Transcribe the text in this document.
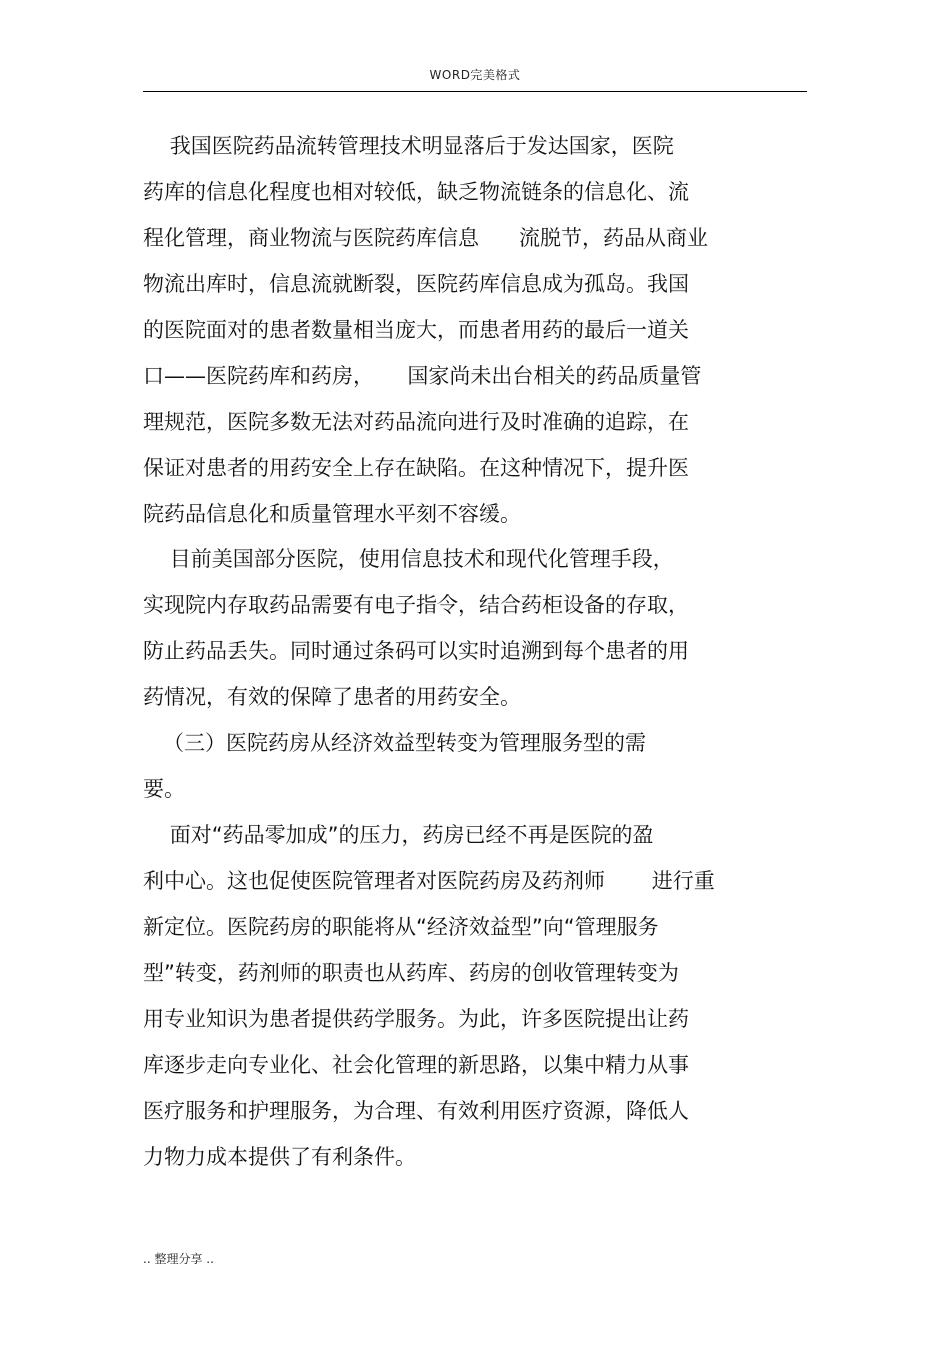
WORD完美格式
我国医院药品流转管理技术明显落后于发达国家，医院
药库的信息化程度也相对较低，缺乏物流链条的信息化、流
程化管理，商业物流与医院药库信息      流脱节，药品从商业
物流出库时，信息流就断裂，医院药库信息成为孤岛。我国
的医院面对的患者数量相当庞大，而患者用药的最后一道关
口——医院药库和药房，     国家尚未出台相关的药品质量管
理规范，医院多数无法对药品流向进行及时准确的追踪，在
保证对患者的用药安全上存在缺陷。在这种情况下，提升医
院药品信息化和质量管理水平刻不容缓。
目前美国部分医院，使用信息技术和现代化管理手段，
实现院内存取药品需要有电子指令，结合药柜设备的存取，
防止药品丢失。同时通过条码可以实时追溯到每个患者的用
药情况，有效的保障了患者的用药安全。
（三）医院药房从经济效益型转变为管理服务型的需
要。
面对“药品零加成”的压力，药房已经不再是医院的盈
利中心。这也促使医院管理者对医院药房及药剂师       进行重
新定位。医院药房的职能将从“经济效益型”向“管理服务
型”转变，药剂师的职责也从药库、药房的创收管理转变为
用专业知识为患者提供药学服务。为此，许多医院提出让药
库逐步走向专业化、社会化管理的新思路，以集中精力从事
医疗服务和护理服务，为合理、有效利用医疗资源，降低人
力物力成本提供了有利条件。
.. 整理分享 ..
